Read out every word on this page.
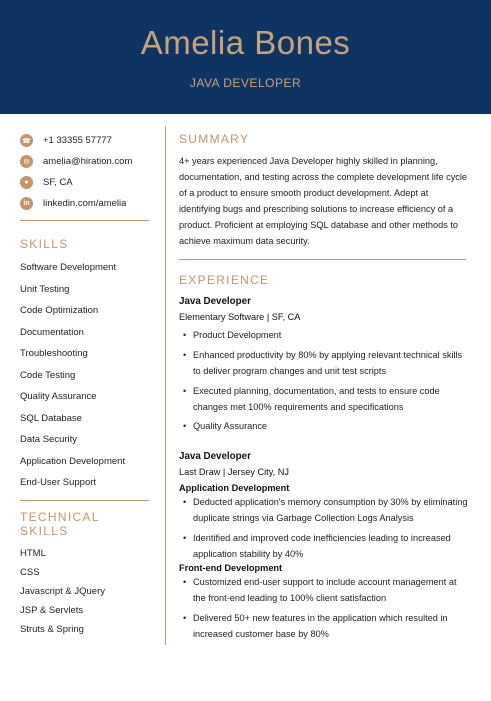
Amelia Bones
JAVA DEVELOPER
☎ +1 33355 57777
✉	amelia@hiration.com
●	SF, CA
in	linkedin.com/amelia
SKILLS
Software Development
Unit Testing
Code Optimization
Documentation
Troubleshooting
Code Testing
Quality Assurance
SQL Database
Data Security
Application Development
End-User Support
TECHNICAL SKILLS
HTML
CSS
Javascript & JQuery
JSP & Servlets
Struts & Spring
SUMMARY
4+ years experienced Java Developer highly skilled in planning, documentation, and testing across the complete development life cycle of a product to ensure smooth product development. Adept at identifying bugs and prescribing solutions to increase efficiency of a product. Proficient at employing SQL database and other methods to achieve maximum data security.
EXPERIENCE
Java Developer
Elementary Software | SF, CA
• Product Development
• Enhanced productivity by 80% by applying relevant technical skills to deliver program changes and unit test scripts
• Executed planning, documentation, and tests to ensure code changes met 100% requirements and specifications
• Quality Assurance
Java Developer
Last Draw | Jersey City, NJ
Application Development
• Deducted application's memory consumption by 30% by eliminating duplicate strings via Garbage Collection Logs Analysis
• Identified and improved code inefficiencies leading to increased application stability by 40%
Front-end Development
• Customized end-user support to include account management at the front-end leading to 100% client satisfaction
• Delivered 50+ new features in the application which resulted in increased customer base by 80%
